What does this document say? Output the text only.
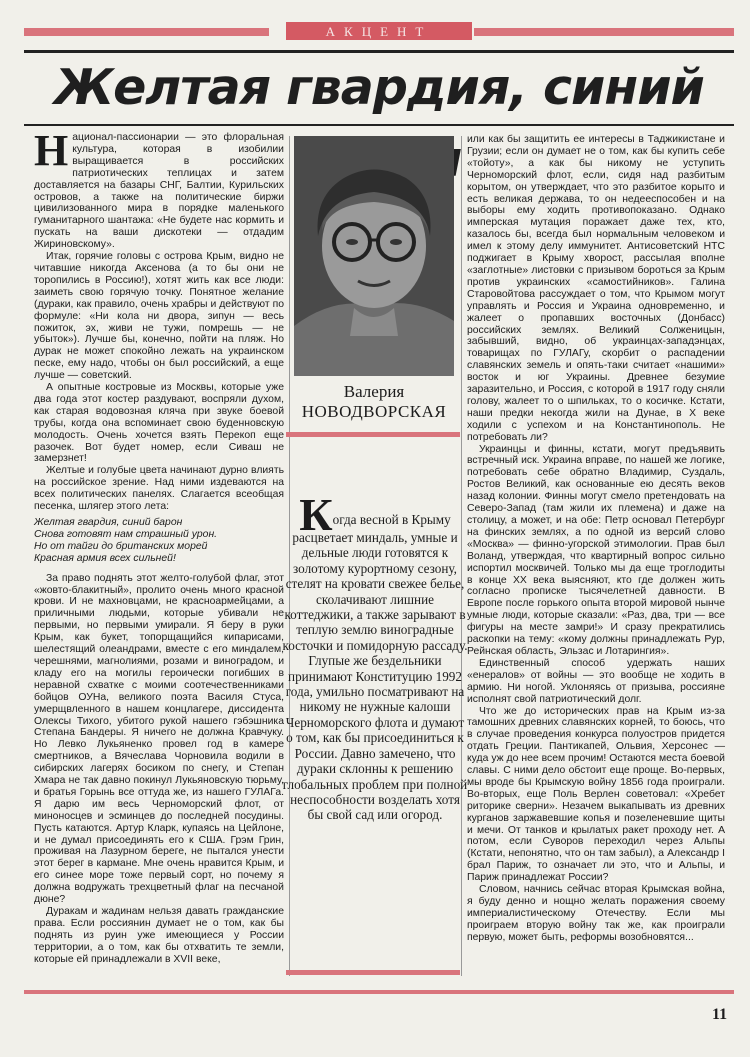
АКЦЕНТ
Желтая гвардия, синий

Национал-пассионарии — это флоральная культура, которая в изобилии выращивается в российских патриотических теплицах и затем доставляется на базары СНГ, Балтии, Курильских островов, а также на политические биржи цивилизованного мира в порядке маленького гуманитарного шантажа: «Не будете нас кормить и пускать на ваши дискотеки — отдадим Жириновскому».

Итак, горячие головы с острова Крым, видно не читавшие никогда Аксенова (а то бы они не торопились в Россию!), хотят жить как все люди: заиметь свою горячую точку. Понятное желание (дураки, как правило, очень храбры и действуют по формуле: «Ни кола ни двора, зипун — весь пожиток, эх, живи не тужи, помрешь — не убыток»). Лучше бы, конечно, пойти на пляж. Но дурак не может спокойно лежать на украинском песке, ему надо, чтобы он был российский, а еще лучше — советский.

А опытные костровые из Москвы, которые уже два года этот костер раздувают, воспряли духом, как старая водовозная кляча при звуке боевой трубы, когда она вспоминает свою буденновскую молодость. Очень хочется взять Перекоп еще разочек. Вот будет номер, если Сиваш не замерзнет!

Желтые и голубые цвета начинают дурно влиять на российское зрение. Над ними издеваются на всех политических панелях. Слагается всеобщая песенка, шлягер этого лета:

Желтая гвардия, синий барон
Снова готовят нам страшный урон.
Но от тайги до британских морей
Красная армия всех сильней!

За право поднять этот желто-голубой флаг, этот «жовто-блакитный», пролито очень много красной крови. И не махновцами, не красноармейцами, а приличными людьми, которые убивали не первыми, но первыми умирали. Я беру в руки Крым, как букет, топорщащийся кипарисами, шелестящий олеандрами, вместе с его миндалем, черешнями, магнолиями, розами и виноградом, и кладу его на могилы героически погибших в неравной схватке с моими соотечественниками бойцов ОУНа, великого поэта Василя Стуса, умерщвленного в нашем концлагере, диссидента Олексы Тихого, убитого рукой нашего гэбэшника Степана Бандеры. Я ничего не должна Кравчуку. Но Левко Лукьяненко провел год в камере смертников, а Вячеслава Чорновила водили в сибирских лагерях босиком по снегу, и Степан Хмара не так давно покинул Лукьяновскую тюрьму, и братья Горынь все оттуда же, из нашего ГУЛАГа. Я дарю им весь Черноморский флот, от миноносцев и эсминцев до последней посудины. Пусть катаются. Артур Кларк, купаясь на Цейлоне, и не думал присоединять его к США. Грэм Грин, проживая на Лазурном береге, не пытался унести этот берег в кармане. Мне очень нравится Крым, и его синее море тоже первый сорт, но почему я должна водружать трехцветный флаг на песчаной дюне?

Дуракам и жадинам нельзя давать гражданские права. Если россиянин думает не о том, как бы поднять из руин уже имеющиеся у России территории, а о том, как бы отхватить те земли, которые ей принадлежали в XVII веке,

Валерия
НОВОДВОРСКАЯ

Когда весной в Крыму расцветает миндаль, умные и дельные люди готовятся к золотому курортному сезону, стелят на кровати свежее белье, сколачивают лишние коттеджики, а также зарывают в теплую землю виноградные косточки и помидорную рассаду.

Глупые же бездельники принимают Конституцию 1992 года, умильно посматривают на никому не нужные калоши Черноморского флота и думают о том, как бы присоединиться к России. Давно замечено, что дураки склонны к решению глобальных проблем при полной неспособности возделать хотя бы свой сад или огород.

или как бы защитить ее интересы в Таджикистане и Грузии; если он думает не о том, как бы купить себе «тойоту», а как бы никому не уступить Черноморский флот, если, сидя над разбитым корытом, он утверждает, что это разбитое корыто и есть великая держава, то он недееспособен и на выборы ему ходить противопоказано. Однако имперская мутация поражает даже тех, кто, казалось бы, всегда был нормальным человеком и имел к этому делу иммунитет. Антисоветский НТС поджигает в Крыму хворост, рассылая вполне «заглотные» листовки с призывом бороться за Крым против украинских «самостийников». Галина Старовойтова рассуждает о том, что Крымом могут управлять и Россия и Украина одновременно, и жалеет о пропавших восточных (Донбасс) российских землях. Великий Солженицын, забывший, видно, об украинцах-западэнцах, товарищах по ГУЛАГу, скорбит о распадении славянских земель и опять-таки считает «нашими» восток и юг Украины. Древнее безумие заразительно, и Россия, с которой в 1917 году сняли голову, жалеет то о шпильках, то о косичке. Кстати, наши предки некогда жили на Дунае, в X веке ходили с успехом и на Константинополь. Не потребовать ли?

Украинцы и финны, кстати, могут предъявить встречный иск. Украина вправе, по нашей же логике, потребовать себе обратно Владимир, Суздаль, Ростов Великий, как основанные ею десять веков назад колонии. Финны могут смело претендовать на Северо-Запад (там жили их племена) и даже на столицу, а может, и на обе: Петр основал Петербург на финских землях, а по одной из версий слово «Москва» — финно-угорской этимологии. Прав был Воланд, утверждая, что квартирный вопрос сильно испортил москвичей. Только мы да еще троглодиты в конце XX века выясняют, кто где должен жить согласно прописке тысячелетней давности. В Европе после горького опыта второй мировой нынче умные люди, которые сказали: «Раз, два, три — все фигуры на месте замри!» И сразу прекратились раскопки на тему: «кому должны принадлежать Рур, Рейнская область, Эльзас и Лотарингия».

Единственный способ удержать наших «енералов» от войны — это вообще не ходить в армию. Ни ногой. Уклоняясь от призыва, россияне исполнят свой патриотический долг.

Что же до исторических прав на Крым из-за тамошних древних славянских корней, то боюсь, что в случае проведения конкурса полуостров придется отдать Греции. Пантикапей, Ольвия, Херсонес — куда уж до нее всем прочим! Остаются места боевой славы. С ними дело обстоит еще проще. Во-первых, мы вроде бы Крымскую войну 1856 года проиграли. Во-вторых, еще Поль Верлен советовал: «Хребет риторике сверни». Незачем выкапывать из древних курганов заржавевшие копья и позеленевшие щиты и мечи. От танков и крылатых ракет проходу нет. А потом, если Суворов переходил через Альпы (Кстати, непонятно, что он там забыл), а Александр I брал Париж, то означает ли это, что и Альпы, и Париж принадлежат России?

Словом, начнись сейчас вторая Крымская война, я буду денно и нощно желать поражения своему империалистическому Отечеству. Если мы проиграем вторую войну так же, как проиграли первую, может быть, реформы возобновятся...

11
